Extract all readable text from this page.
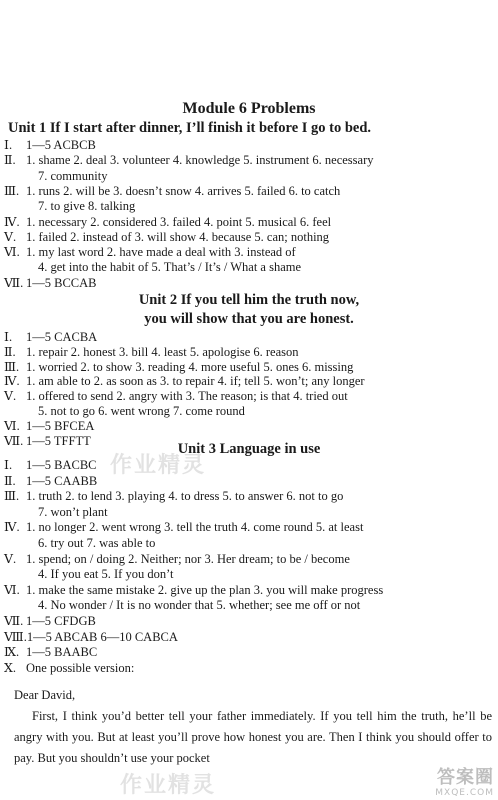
Module 6 Problems
Unit 1 If I start after dinner, I’ll finish it before I go to bed.
Ⅰ. 1—5 ACBCB
Ⅱ. 1. shame 2. deal 3. volunteer 4. knowledge 5. instrument 6. necessary
7. community
Ⅲ. 1. runs 2. will be 3. doesn’t snow 4. arrives 5. failed 6. to catch
7. to give 8. talking
Ⅳ. 1. necessary 2. considered 3. failed 4. point 5. musical 6. feel
Ⅴ. 1. failed 2. instead of 3. will show 4. because 5. can; nothing
Ⅵ. 1. my last word 2. have made a deal with 3. instead of
4. get into the habit of 5. That’s / It’s / What a shame
Ⅶ. 1—5 BCCAB
Unit 2 If you tell him the truth now,
you will show that you are honest.
Ⅰ. 1—5 CACBA
Ⅱ. 1. repair 2. honest 3. bill 4. least 5. apologise 6. reason
Ⅲ. 1. worried 2. to show 3. reading 4. more useful 5. ones 6. missing
Ⅳ. 1. am able to 2. as soon as 3. to repair 4. if; tell 5. won’t; any longer
Ⅴ. 1. offered to send 2. angry with 3. The reason; is that 4. tried out
5. not to go 6. went wrong 7. come round
Ⅵ. 1—5 BFCEA
Ⅶ. 1—5 TFFTT
Unit 3 Language in use
Ⅰ. 1—5 BACBC
Ⅱ. 1—5 CAABB
Ⅲ. 1. truth 2. to lend 3. playing 4. to dress 5. to answer 6. not to go
7. won’t plant
Ⅳ. 1. no longer 2. went wrong 3. tell the truth 4. come round 5. at least
6. try out 7. was able to
Ⅴ. 1. spend; on / doing 2. Neither; nor 3. Her dream; to be / become
4. If you eat 5. If you don’t
Ⅵ. 1. make the same mistake 2. give up the plan 3. you will make progress
4. No wonder / It is no wonder that 5. whether; see me off or not
Ⅶ. 1—5 CFDGB
Ⅷ.1—5 ABCAB 6—10 CABCA
Ⅸ. 1—5 BAABC
Ⅹ. One possible version:

Dear David,

First, I think you’d better tell your father immediately. If you tell him the truth, he’ll be angry with you. But at least you’ll prove how honest you are. Then I think you should offer to pay. But you shouldn’t use your pocket

作业精灵
作业精灵	答案圈
MXQE.COM
